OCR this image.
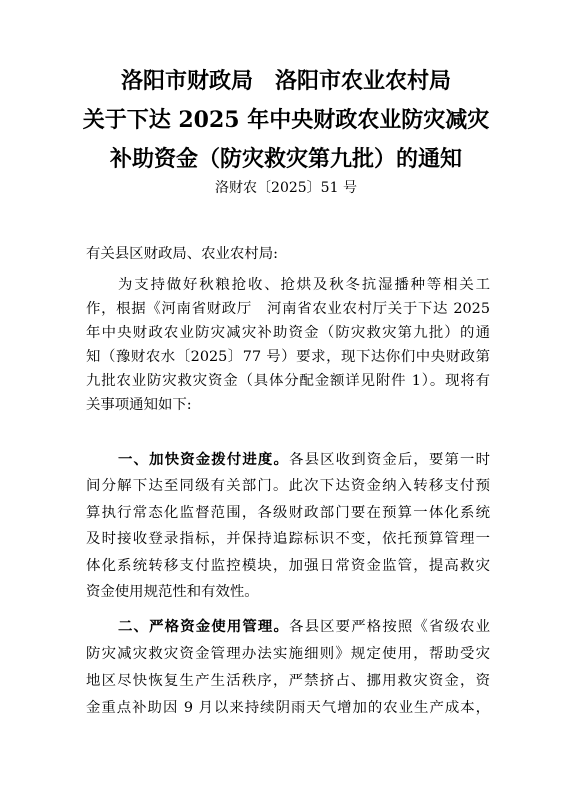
洛阳市财政局　洛阳市农业农村局
关于下达 2025 年中央财政农业防灾减灾
补助资金（防灾救灾第九批）的通知
洛财农〔2025〕51 号
有关县区财政局、农业农村局:
为支持做好秋粮抢收、抢烘及秋冬抗湿播种等相关工
作，根据《河南省财政厅　河南省农业农村厅关于下达 2025
年中央财政农业防灾减灾补助资金（防灾救灾第九批）的通
知（豫财农水〔2025〕77 号）要求，现下达你们中央财政第
九批农业防灾救灾资金（具体分配金额详见附件 1）。现将有
关事项通知如下:
一、加快资金拨付进度。各县区收到资金后，要第一时
间分解下达至同级有关部门。此次下达资金纳入转移支付预
算执行常态化监督范围，各级财政部门要在预算一体化系统
及时接收登录指标，并保持追踪标识不变，依托预算管理一
体化系统转移支付监控模块，加强日常资金监管，提高救灾
资金使用规范性和有效性。
二、严格资金使用管理。各县区要严格按照《省级农业
防灾减灾救灾资金管理办法实施细则》规定使用，帮助受灾
地区尽快恢复生产生活秩序，严禁挤占、挪用救灾资金，资
金重点补助因 9 月以来持续阴雨天气增加的农业生产成本，
